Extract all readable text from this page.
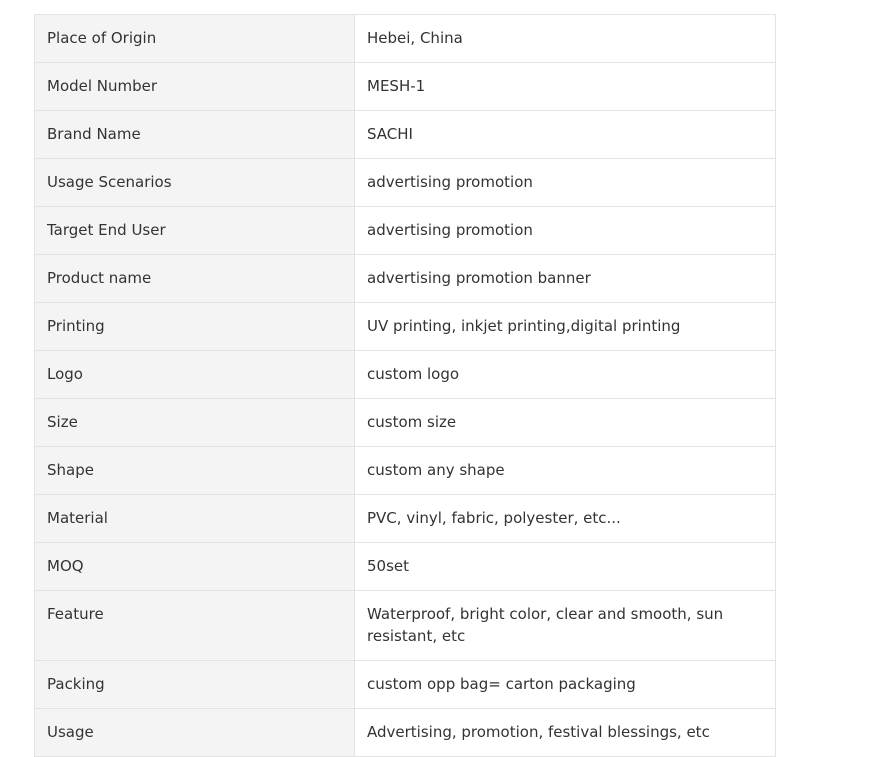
Place of Origin	Hebei, China
Model Number	MESH-1
Brand Name	SACHI
Usage Scenarios	advertising promotion
Target End User	advertising promotion
Product name	advertising promotion banner
Printing	UV printing, inkjet printing,digital printing
Logo	custom logo
Size	custom size
Shape	custom any shape
Material	PVC, vinyl, fabric, polyester, etc...
MOQ	50set
Feature	Waterproof, bright color, clear and smooth, sun resistant, etc
Packing	custom opp bag= carton packaging
Usage	Advertising, promotion, festival blessings, etc
